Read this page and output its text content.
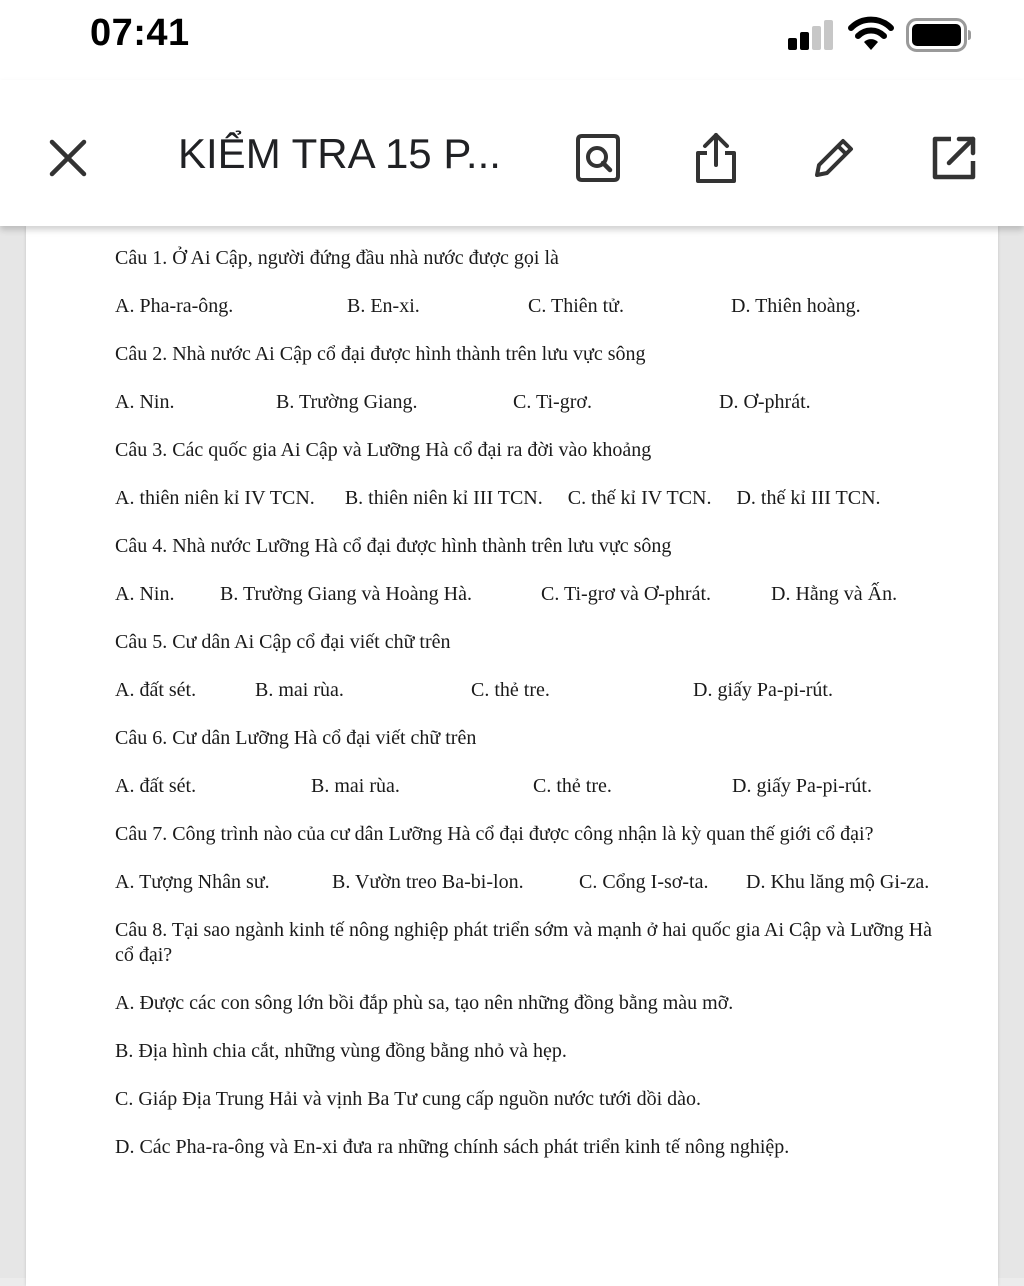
07:41
KIỂM TRA 15 P...
Câu 1. Ở Ai Cập, người đứng đầu nhà nước được gọi là
A. Pha-ra-ông.	B. En-xi.	C. Thiên tử.	D. Thiên hoàng.
Câu 2. Nhà nước Ai Cập cổ đại được hình thành trên lưu vực sông
A. Nin.	B. Trường Giang.	C. Ti-grơ.	D. Ơ-phrát.
Câu 3. Các quốc gia Ai Cập và Lưỡng Hà cổ đại ra đời vào khoảng
A. thiên niên kỉ IV TCN. B. thiên niên kỉ III TCN. C. thế kỉ IV TCN. D. thế kỉ III TCN.
Câu 4. Nhà nước Lưỡng Hà cổ đại được hình thành trên lưu vực sông
A. Nin. B. Trường Giang và Hoàng Hà.	C. Ti-grơ và Ơ-phrát.	D. Hằng và Ấn.
Câu 5. Cư dân Ai Cập cổ đại viết chữ trên
A. đất sét.	B. mai rùa.	C. thẻ tre.	D. giấy Pa-pi-rút.
Câu 6. Cư dân Lưỡng Hà cổ đại viết chữ trên
A. đất sét.	B. mai rùa.	C. thẻ tre.	D. giấy Pa-pi-rút.
Câu 7. Công trình nào của cư dân Lưỡng Hà cổ đại được công nhận là kỳ quan thế giới cổ đại?
A. Tượng Nhân sư.	B. Vườn treo Ba-bi-lon.	C. Cổng I-sơ-ta. D. Khu lăng mộ Gi-za.
Câu 8. Tại sao ngành kinh tế nông nghiệp phát triển sớm và mạnh ở hai quốc gia Ai Cập và Lưỡng Hà cổ đại?
A. Được các con sông lớn bồi đắp phù sa, tạo nên những đồng bằng màu mỡ.
B. Địa hình chia cắt, những vùng đồng bằng nhỏ và hẹp.
C. Giáp Địa Trung Hải và vịnh Ba Tư cung cấp nguồn nước tưới dồi dào.
D. Các Pha-ra-ông và En-xi đưa ra những chính sách phát triển kinh tế nông nghiệp.
